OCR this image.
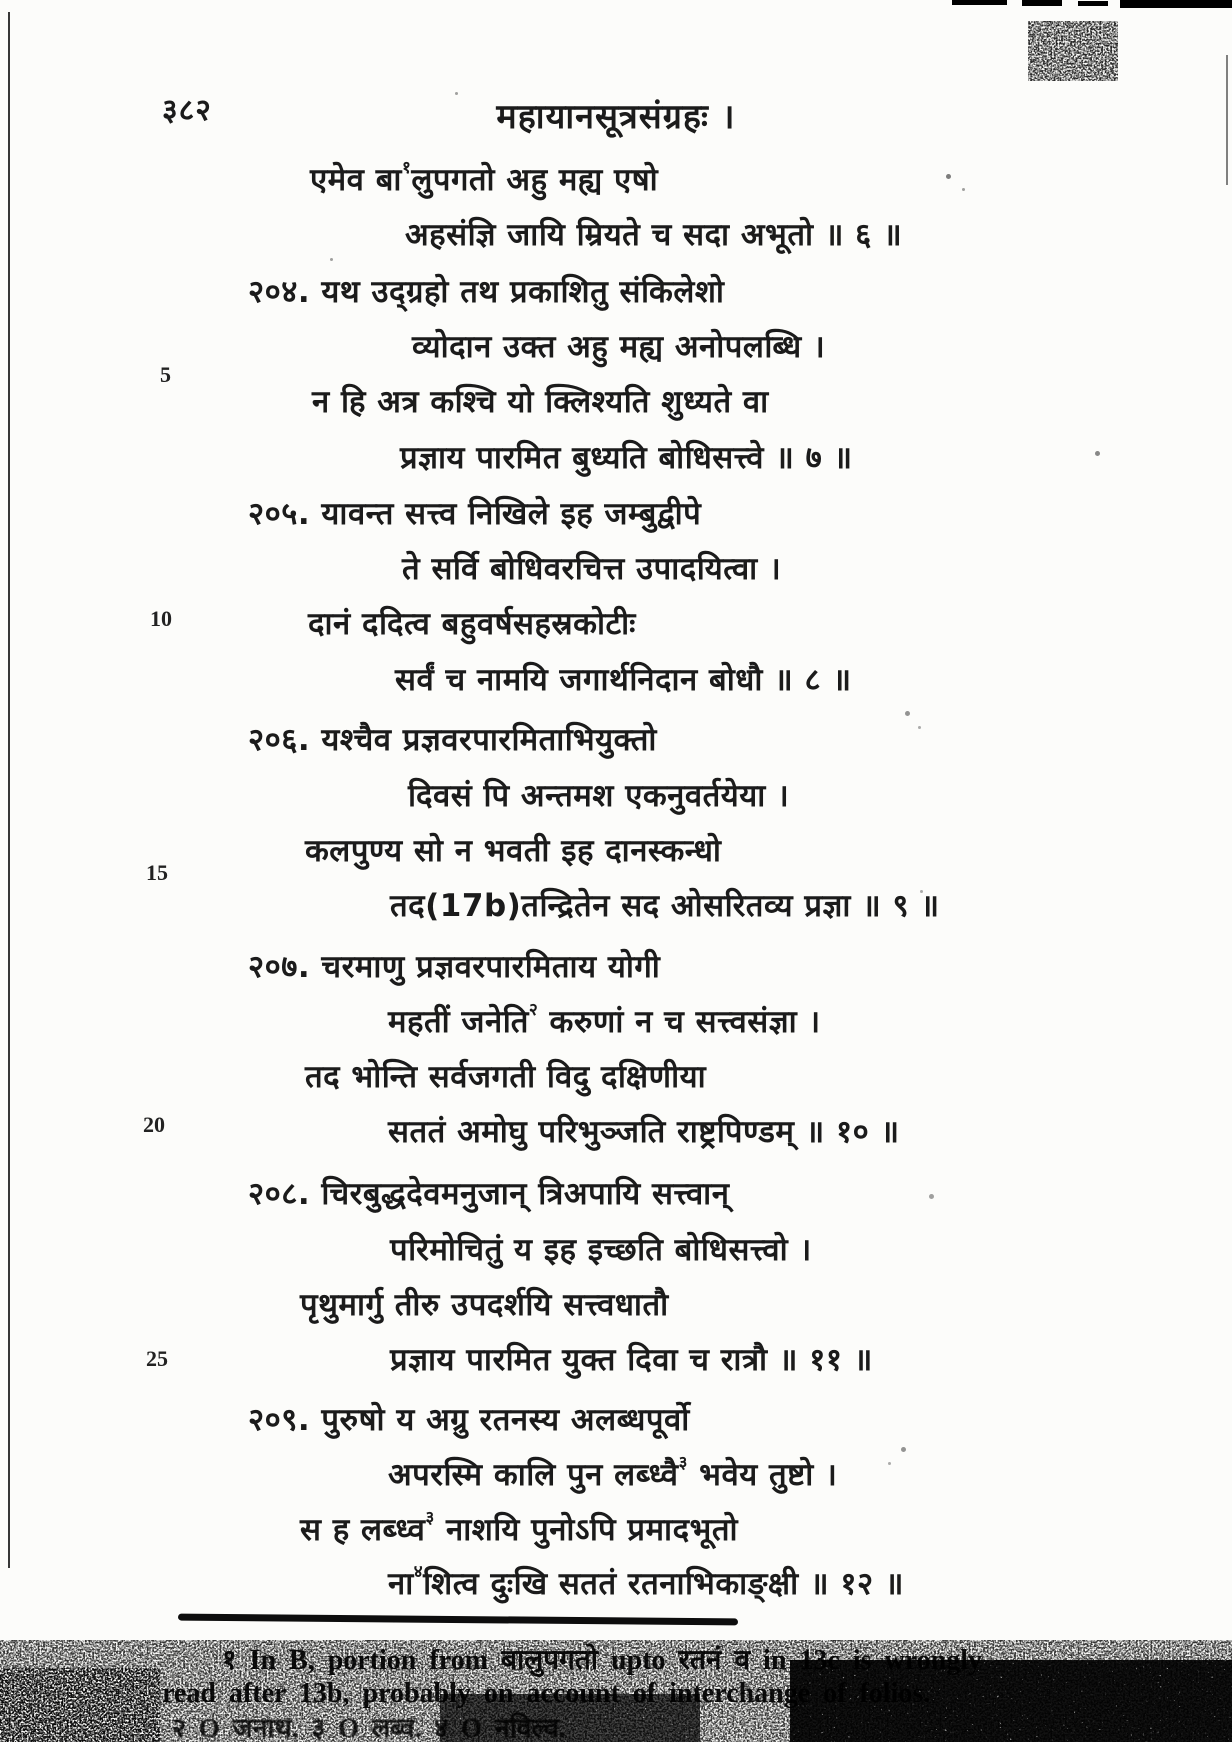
३८२	महायानसूत्रसंग्रहः ।
5
10
15
20
25
एमेव बा$^१$लुपगतो अहु मह्य एषो
अहसंज्ञि जायि म्रियते च सदा अभूतो ॥ ६ ॥
२०४. यथ उद्ग्रहो तथ प्रकाशितु संकिलेशो
व्योदान उक्त अहु मह्य अनोपलब्धि ।
न हि अत्र कश्चि यो क्लिश्यति शुध्यते वा
प्रज्ञाय पारमित बुध्यति बोधिसत्त्वे ॥ ७ ॥
२०५. यावन्त सत्त्व निखिले इह जम्बुद्वीपे
ते सर्वि बोधिवरचित्त उपादयित्वा ।
दानं ददित्व बहुवर्षसहस्रकोटीः
सर्वं च नामयि जगार्थनिदान बोधौ ॥ ८ ॥
२०६. यश्चैव प्रज्ञवरपारमिताभियुक्तो
दिवसं पि अन्तमश एकनुवर्तयेया ।
कलपुण्य सो न भवती इह दानस्कन्धो
तद(17b)तन्द्रितेन सद ओसरितव्य प्रज्ञा ॥ ९ ॥
२०७. चरमाणु प्रज्ञवरपारमिताय योगी
महतीं जनेति$^२$ करुणां न च सत्त्वसंज्ञा ।
तद भोन्ति सर्वजगती विदु दक्षिणीया
सततं अमोघु परिभुञ्जति राष्ट्रपिण्डम् ॥ १० ॥
२०८. चिरबुद्धदेवमनुजान् त्रिअपायि सत्त्वान्
परिमोचितुं य इह इच्छति बोधिसत्त्वो ।
पृथुमार्गु तीरु उपदर्शयि सत्त्वधातौ
प्रज्ञाय पारमित युक्त दिवा च रात्रौ ॥ ११ ॥
२०९. पुरुषो य अग्रु रतनस्य अलब्धपूर्वो
अपरस्मि कालि पुन लब्ध्वै$^३$ भवेय तुष्टो ।
स ह लब्ध्व$^३$ नाशयि पुनोऽपि प्रमादभूतो
ना$^४$शित्व दुःखि सततं रतनाभिकाङ्क्षी ॥ १२ ॥
